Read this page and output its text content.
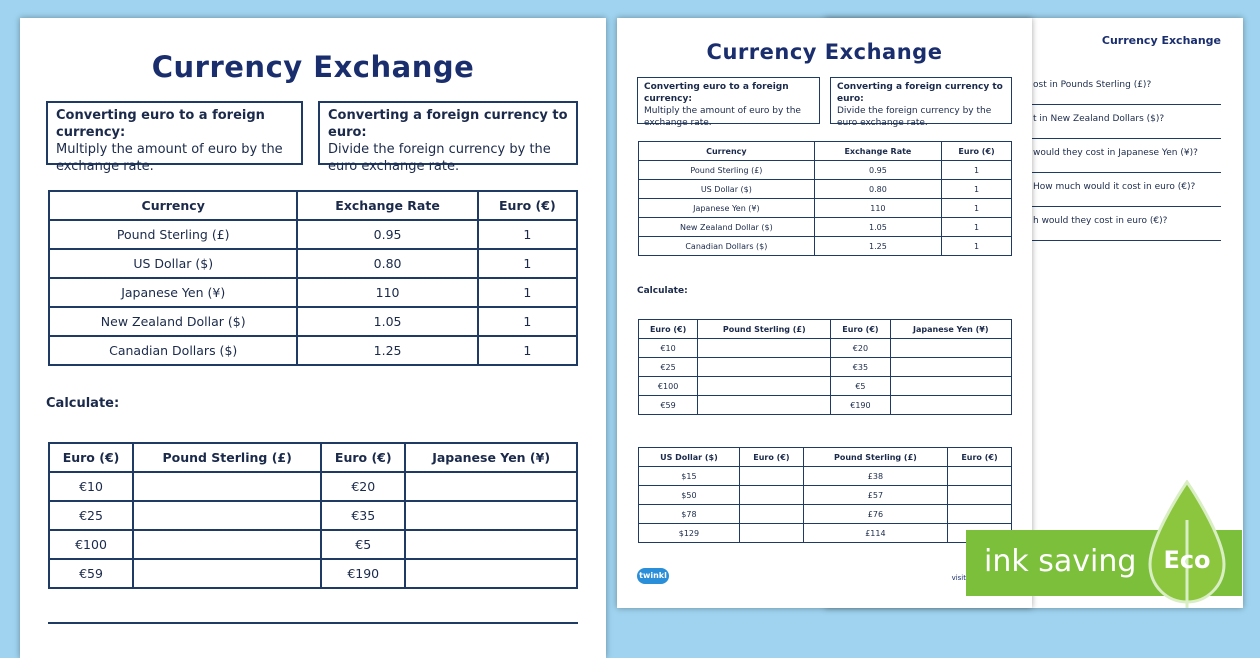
Currency Exchange
Converting euro to a foreign currency:
Multiply the amount of euro by the exchange rate.
Converting a foreign currency to euro:
Divide the foreign currency by the euro exchange rate.
Currency	Exchange Rate	Euro (€)
Pound Sterling (£)	0.95	1
US Dollar ($)	0.80	1
Japanese Yen (¥)	110	1
New Zealand Dollar ($)	1.05	1
Canadian Dollars ($)	1.25	1
Calculate:
Euro (€)	Pound Sterling (£)	Euro (€)	Japanese Yen (¥)
€10		€20	
€25		€35	
€100		€5	
€59		€190	
Currency Exchange
ost in Pounds Sterling (£)?
t in New Zealand Dollars ($)?
would they cost in Japanese Yen (¥)?
How much would it cost in euro (€)?
h would they cost in euro (€)?
Currency Exchange
Converting euro to a foreign currency:
Multiply the amount of euro by the exchange rate.
Converting a foreign currency to euro:
Divide the foreign currency by the euro exchange rate.
Currency	Exchange Rate	Euro (€)
Pound Sterling (£)	0.95	1
US Dollar ($)	0.80	1
Japanese Yen (¥)	110	1
New Zealand Dollar ($)	1.05	1
Canadian Dollars ($)	1.25	1
Calculate:
Euro (€)	Pound Sterling (£)	Euro (€)	Japanese Yen (¥)
€10		€20	
€25		€35	
€100		€5	
€59		€190	
US Dollar ($)	Euro (€)	Pound Sterling (£)	Euro (€)
$15		£38	
$50		£57	
$78		£76	
$129		£114	
twinkl	visit ink saving	Eco
